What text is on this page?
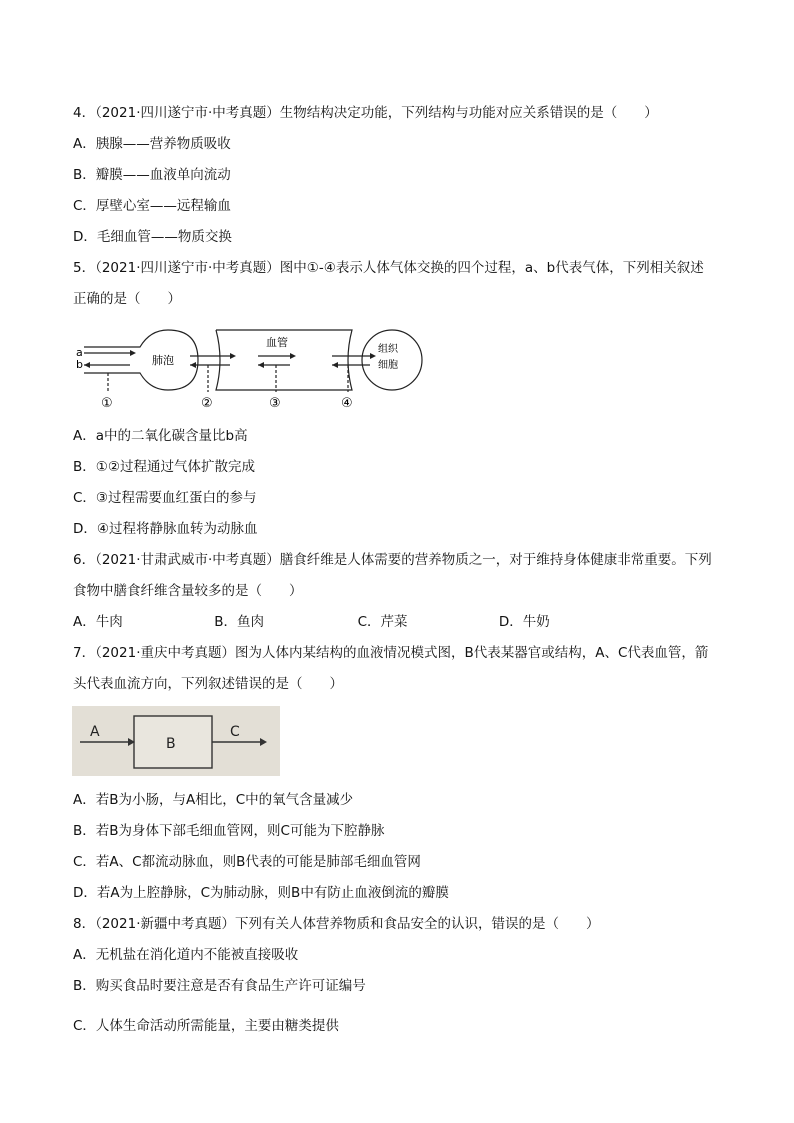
4．（2021·四川遂宁市·中考真题）生物结构决定功能，下列结构与功能对应关系错误的是（　　）
A．胰腺——营养物质吸收
B．瓣膜——血液单向流动
C．厚壁心室——远程输血
D．毛细血管——物质交换
5．（2021·四川遂宁市·中考真题）图中①-④表示人体气体交换的四个过程，a、b代表气体，下列相关叙述
正确的是（　　）
a
b	肺泡
血管
组织
细胞
①	②	③	④
A．a中的二氧化碳含量比b高
B．①②过程通过气体扩散完成
C．③过程需要血红蛋白的参与
D．④过程将静脉血转为动脉血
6．（2021·甘肃武威市·中考真题）膳食纤维是人体需要的营养物质之一，对于维持身体健康非常重要。下列
食物中膳食纤维含量较多的是（　　）
A．牛肉	B．鱼肉	C．芹菜	D．牛奶
7．（2021·重庆中考真题）图为人体内某结构的血液情况模式图，B代表某器官或结构，A、C代表血管，箭
头代表血流方向，下列叙述错误的是（　　）
A
B
C
A．若B为小肠，与A相比，C中的氧气含量减少
B．若B为身体下部毛细血管网，则C可能为下腔静脉
C．若A、C都流动脉血，则B代表的可能是肺部毛细血管网
D．若A为上腔静脉，C为肺动脉，则B中有防止血液倒流的瓣膜
8．（2021·新疆中考真题）下列有关人体营养物质和食品安全的认识，错误的是（　　）
A．无机盐在消化道内不能被直接吸收
B．购买食品时要注意是否有食品生产许可证编号
C．人体生命活动所需能量，主要由糖类提供
